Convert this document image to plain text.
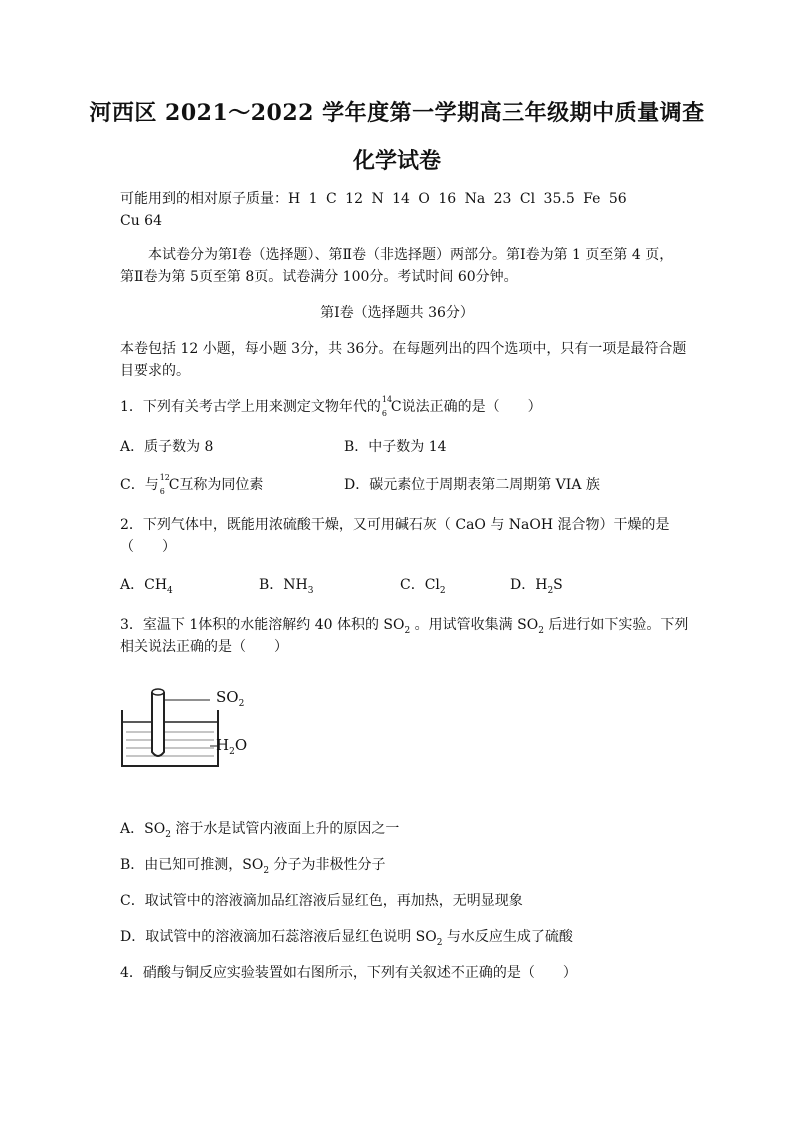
河西区 2021～2022 学年度第一学期高三年级期中质量调查
化学试卷
可能用到的相对原子质量：H 1 C 12 N 14 O 16 Na 23 Cl 35.5 Fe 56
Cu 64
本试卷分为第Ⅰ卷（选择题）、第Ⅱ卷（非选择题）两部分。第Ⅰ卷为第 1 页至第 4 页，
第Ⅱ卷为第 5页至第 8页。试卷满分 100分。考试时间 60分钟。
第Ⅰ卷（选择题共 36分）
本卷包括 12 小题，每小题 3分，共 36分。在每题列出的四个选项中，只有一项是最符合题
目要求的。
1．下列有关考古学上用来测定文物年代的 14
6 C说法正确的是（　　）
A．质子数为 8	B．中子数为 14
C．与 12
6 C互称为同位素	D．碳元素位于周期表第二周期第 VIA 族
2．下列气体中，既能用浓硫酸干燥，又可用碱石灰（ CaO 与 NaOH 混合物）干燥的是
（　　）
A．$CH_4$	B．$NH_3$	C．$Cl_2$	D．$H_2S$
3．室温下 1体积的水能溶解约 40 体积的 $SO_2$ 。用试管收集满 $SO_2$ 后进行如下实验。下列
相关说法正确的是（　　）
$SO_2$
$H_2O$
A．$SO_2$ 溶于水是试管内液面上升的原因之一
B．由已知可推测，$SO_2$ 分子为非极性分子
C．取试管中的溶液滴加品红溶液后显红色，再加热，无明显现象
D．取试管中的溶液滴加石蕊溶液后显红色说明 $SO_2$ 与水反应生成了硫酸
4．硝酸与铜反应实验装置如右图所示，下列有关叙述不正确的是（　　）
